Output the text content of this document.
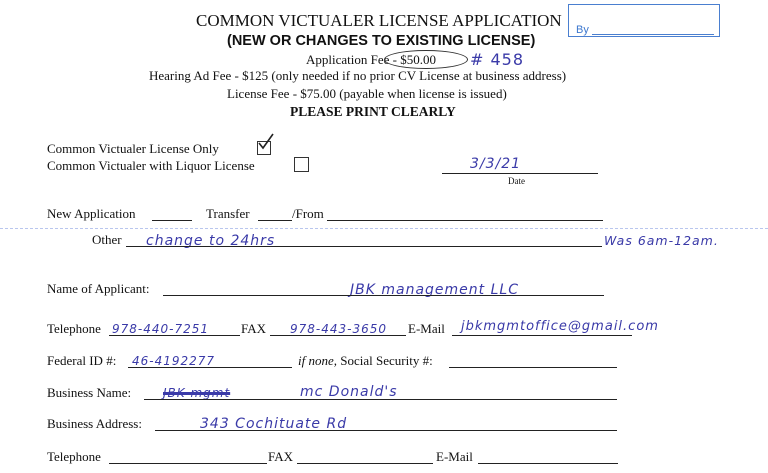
By
COMMON VICTUALER LICENSE APPLICATION
(NEW OR CHANGES TO EXISTING LICENSE)
Application Fee - $50.00 # 458
Hearing Ad Fee - $125 (only needed if no prior CV License at business address)
License Fee - $75.00 (payable when license is issued)
PLEASE PRINT CLEARLY
Common Victualer License Only
Common Victualer with Liquor License	3/3/21
Date
New Application	Transfer	/From
Other change to 24hrs	Was 6am-12am.
Name of Applicant:	JBK management LLC
Telephone 978-440-7251 FAX 978-443-3650 E-Mail jbkmgmtoffice@gmail.com
Federal ID #: 46-4192277	if none, Social Security #:
Business Name:	JBK mgmt	mc Donald's
Business Address:	343 Cochituate Rd
Telephone	FAX	E-Mail
